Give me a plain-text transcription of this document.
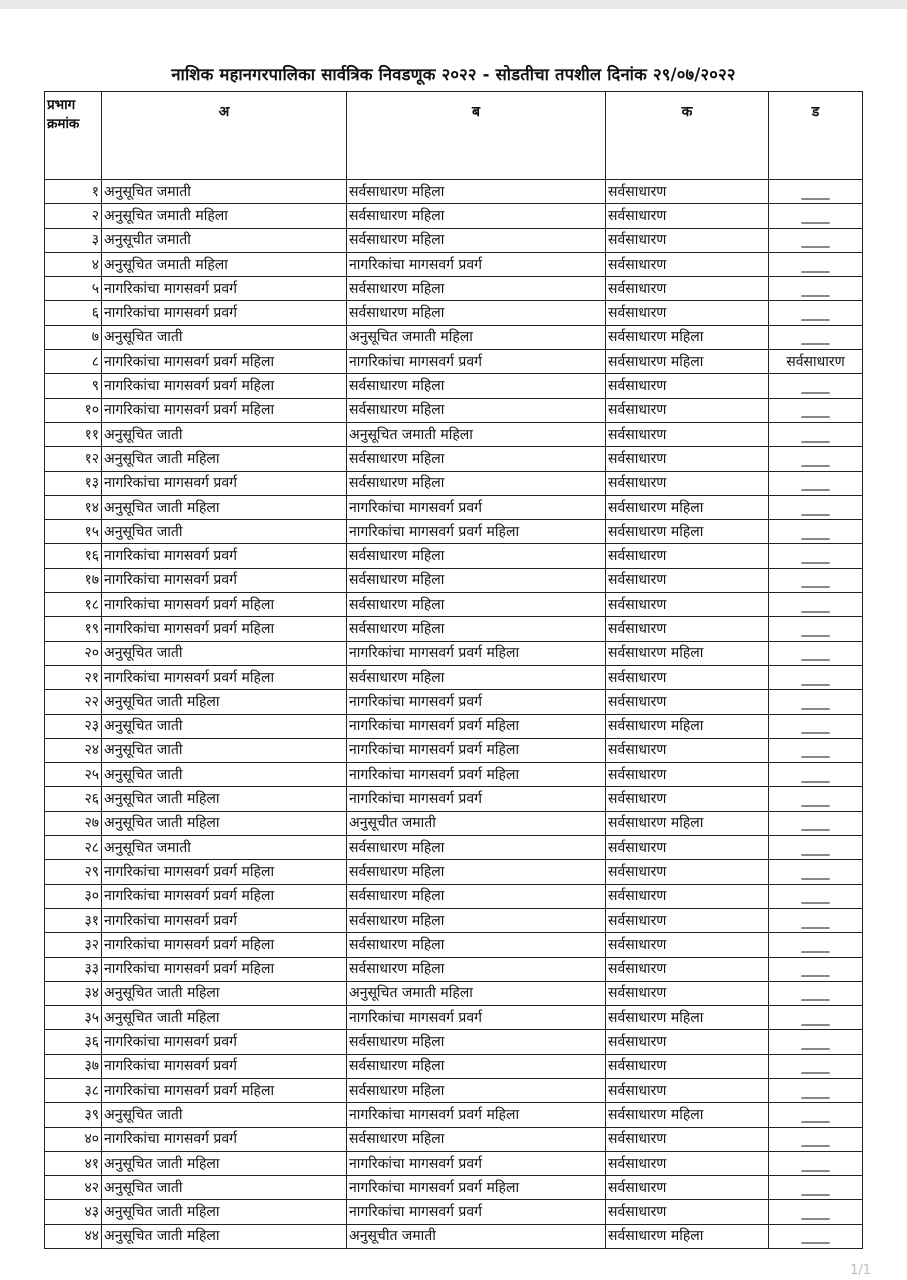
नाशिक महानगरपालिका सार्वत्रिक निवडणूक २०२२ - सोडतीचा तपशील दिनांक २९/०७/२०२२
प्रभाग
क्रमांक	अ	ब	क	ड
१	अनुसूचित जमाती	सर्वसाधारण महिला	सर्वसाधारण	____
२	अनुसूचित जमाती महिला	सर्वसाधारण महिला	सर्वसाधारण	____
३	अनुसूचीत जमाती	सर्वसाधारण महिला	सर्वसाधारण	____
४	अनुसूचित जमाती महिला	नागरिकांचा मागसवर्ग प्रवर्ग	सर्वसाधारण	____
५	नागरिकांचा मागसवर्ग प्रवर्ग	सर्वसाधारण महिला	सर्वसाधारण	____
६	नागरिकांचा मागसवर्ग प्रवर्ग	सर्वसाधारण महिला	सर्वसाधारण	____
७	अनुसूचित जाती	अनुसूचित जमाती महिला	सर्वसाधारण महिला	____
८	नागरिकांचा मागसवर्ग प्रवर्ग महिला	नागरिकांचा मागसवर्ग प्रवर्ग	सर्वसाधारण महिला	सर्वसाधारण
९	नागरिकांचा मागसवर्ग प्रवर्ग महिला	सर्वसाधारण महिला	सर्वसाधारण	____
१०	नागरिकांचा मागसवर्ग प्रवर्ग महिला	सर्वसाधारण महिला	सर्वसाधारण	____
११	अनुसूचित जाती	अनुसूचित जमाती महिला	सर्वसाधारण	____
१२	अनुसूचित जाती महिला	सर्वसाधारण महिला	सर्वसाधारण	____
१३	नागरिकांचा मागसवर्ग प्रवर्ग	सर्वसाधारण महिला	सर्वसाधारण	____
१४	अनुसूचित जाती महिला	नागरिकांचा मागसवर्ग प्रवर्ग	सर्वसाधारण महिला	____
१५	अनुसूचित जाती	नागरिकांचा मागसवर्ग प्रवर्ग महिला	सर्वसाधारण महिला	____
१६	नागरिकांचा मागसवर्ग प्रवर्ग	सर्वसाधारण महिला	सर्वसाधारण	____
१७	नागरिकांचा मागसवर्ग प्रवर्ग	सर्वसाधारण महिला	सर्वसाधारण	____
१८	नागरिकांचा मागसवर्ग प्रवर्ग महिला	सर्वसाधारण महिला	सर्वसाधारण	____
१९	नागरिकांचा मागसवर्ग प्रवर्ग महिला	सर्वसाधारण महिला	सर्वसाधारण	____
२०	अनुसूचित जाती	नागरिकांचा मागसवर्ग प्रवर्ग महिला	सर्वसाधारण महिला	____
२१	नागरिकांचा मागसवर्ग प्रवर्ग महिला	सर्वसाधारण महिला	सर्वसाधारण	____
२२	अनुसूचित जाती महिला	नागरिकांचा मागसवर्ग प्रवर्ग	सर्वसाधारण	____
२३	अनुसूचित जाती	नागरिकांचा मागसवर्ग प्रवर्ग महिला	सर्वसाधारण महिला	____
२४	अनुसूचित जाती	नागरिकांचा मागसवर्ग प्रवर्ग महिला	सर्वसाधारण	____
२५	अनुसूचित जाती	नागरिकांचा मागसवर्ग प्रवर्ग महिला	सर्वसाधारण	____
२६	अनुसूचित जाती महिला	नागरिकांचा मागसवर्ग प्रवर्ग	सर्वसाधारण	____
२७	अनुसूचित जाती महिला	अनुसूचीत जमाती	सर्वसाधारण महिला	____
२८	अनुसूचित जमाती	सर्वसाधारण महिला	सर्वसाधारण	____
२९	नागरिकांचा मागसवर्ग प्रवर्ग महिला	सर्वसाधारण महिला	सर्वसाधारण	____
३०	नागरिकांचा मागसवर्ग प्रवर्ग महिला	सर्वसाधारण महिला	सर्वसाधारण	____
३१	नागरिकांचा मागसवर्ग प्रवर्ग	सर्वसाधारण महिला	सर्वसाधारण	____
३२	नागरिकांचा मागसवर्ग प्रवर्ग महिला	सर्वसाधारण महिला	सर्वसाधारण	____
३३	नागरिकांचा मागसवर्ग प्रवर्ग महिला	सर्वसाधारण महिला	सर्वसाधारण	____
३४	अनुसूचित जाती महिला	अनुसूचित जमाती महिला	सर्वसाधारण	____
३५	अनुसूचित जाती महिला	नागरिकांचा मागसवर्ग प्रवर्ग	सर्वसाधारण महिला	____
३६	नागरिकांचा मागसवर्ग प्रवर्ग	सर्वसाधारण महिला	सर्वसाधारण	____
३७	नागरिकांचा मागसवर्ग प्रवर्ग	सर्वसाधारण महिला	सर्वसाधारण	____
३८	नागरिकांचा मागसवर्ग प्रवर्ग महिला	सर्वसाधारण महिला	सर्वसाधारण	____
३९	अनुसूचित जाती	नागरिकांचा मागसवर्ग प्रवर्ग महिला	सर्वसाधारण महिला	____
४०	नागरिकांचा मागसवर्ग प्रवर्ग	सर्वसाधारण महिला	सर्वसाधारण	____
४१	अनुसूचित जाती महिला	नागरिकांचा मागसवर्ग प्रवर्ग	सर्वसाधारण	____
४२	अनुसूचित जाती	नागरिकांचा मागसवर्ग प्रवर्ग महिला	सर्वसाधारण	____
४३	अनुसूचित जाती महिला	नागरिकांचा मागसवर्ग प्रवर्ग	सर्वसाधारण	____
४४	अनुसूचित जाती महिला	अनुसूचीत जमाती	सर्वसाधारण महिला	____
1/1
